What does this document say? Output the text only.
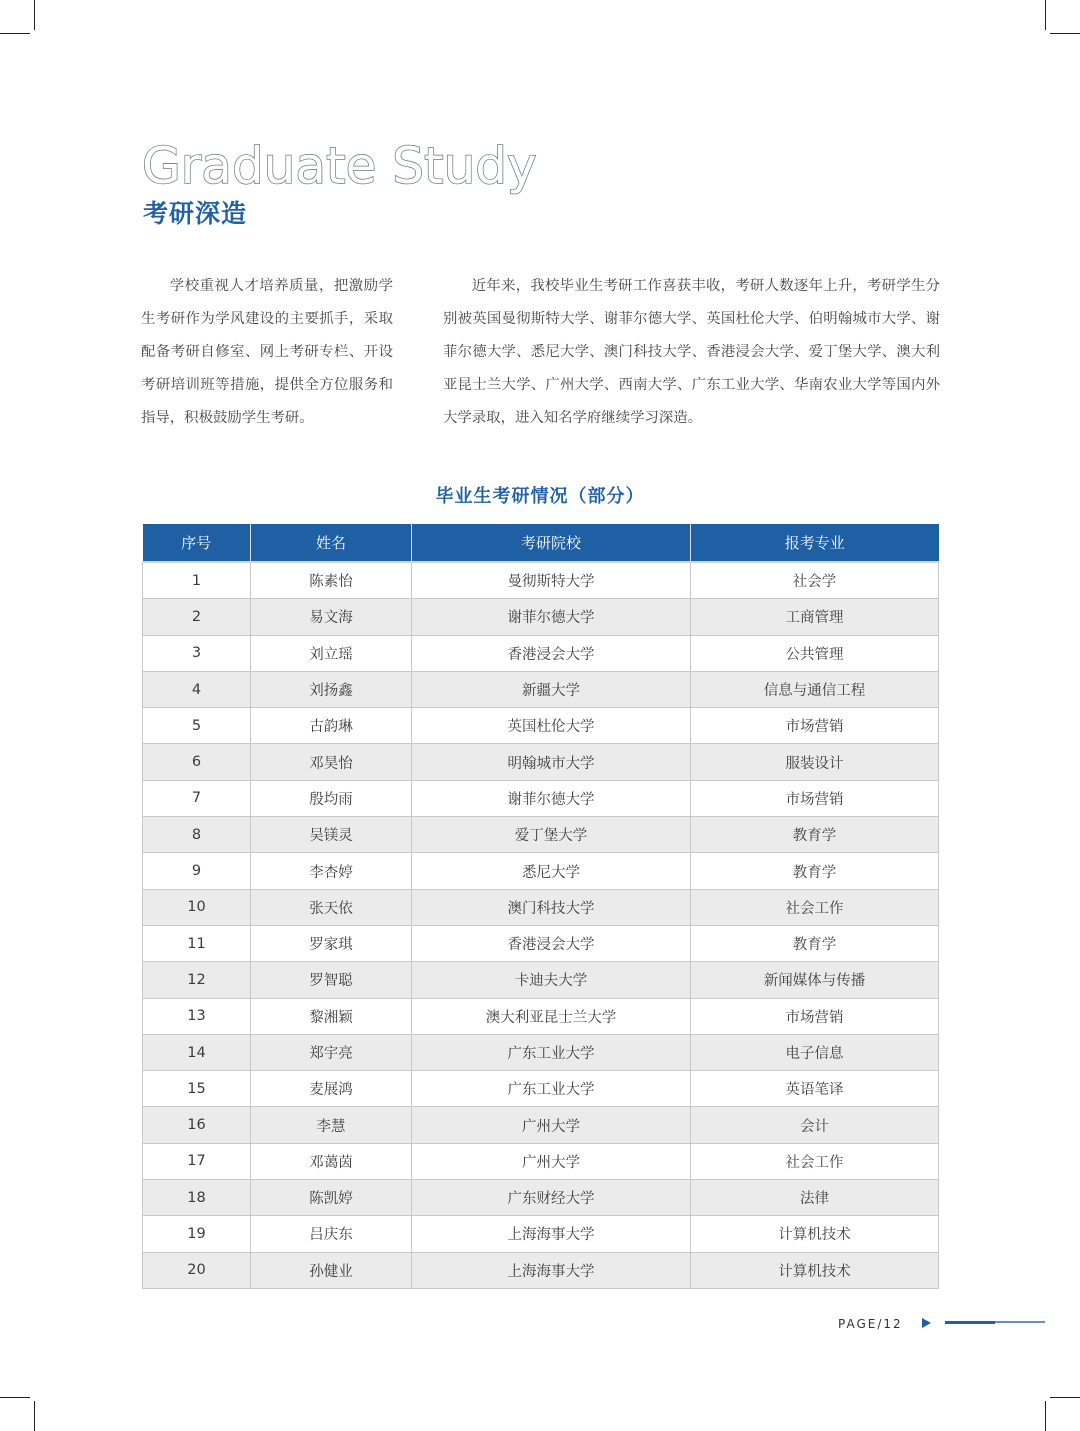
Graduate Study
考研深造

学校重视人才培养质量，把激励学生考研作为学风建设的主要抓手，采取配备考研自修室、网上考研专栏、开设考研培训班等措施，提供全方位服务和指导，积极鼓励学生考研。

近年来，我校毕业生考研工作喜获丰收，考研人数逐年上升，考研学生分别被英国曼彻斯特大学、谢菲尔德大学、英国杜伦大学、伯明翰城市大学、谢菲尔德大学、悉尼大学、澳门科技大学、香港浸会大学、爱丁堡大学、澳大利亚昆士兰大学、广州大学、西南大学、广东工业大学、华南农业大学等国内外大学录取，进入知名学府继续学习深造。

毕业生考研情况（部分）
序号	姓名	考研院校	报考专业
1	陈素怡	曼彻斯特大学	社会学
2	易文海	谢菲尔德大学	工商管理
3	刘立瑶	香港浸会大学	公共管理
4	刘扬鑫	新疆大学	信息与通信工程
5	古韵琳	英国杜伦大学	市场营销
6	邓昊怡	明翰城市大学	服装设计
7	殷均雨	谢菲尔德大学	市场营销
8	吴镁灵	爱丁堡大学	教育学
9	李杏婷	悉尼大学	教育学
10	张天依	澳门科技大学	社会工作
11	罗家琪	香港浸会大学	教育学
12	罗智聪	卡迪夫大学	新闻媒体与传播
13	黎湘颖	澳大利亚昆士兰大学	市场营销
14	郑宇亮	广东工业大学	电子信息
15	麦展鸿	广东工业大学	英语笔译
16	李慧	广州大学	会计
17	邓蔼茵	广州大学	社会工作
18	陈凯婷	广东财经大学	法律
19	吕庆东	上海海事大学	计算机技术
20	孙健业	上海海事大学	计算机技术
PAGE/12
